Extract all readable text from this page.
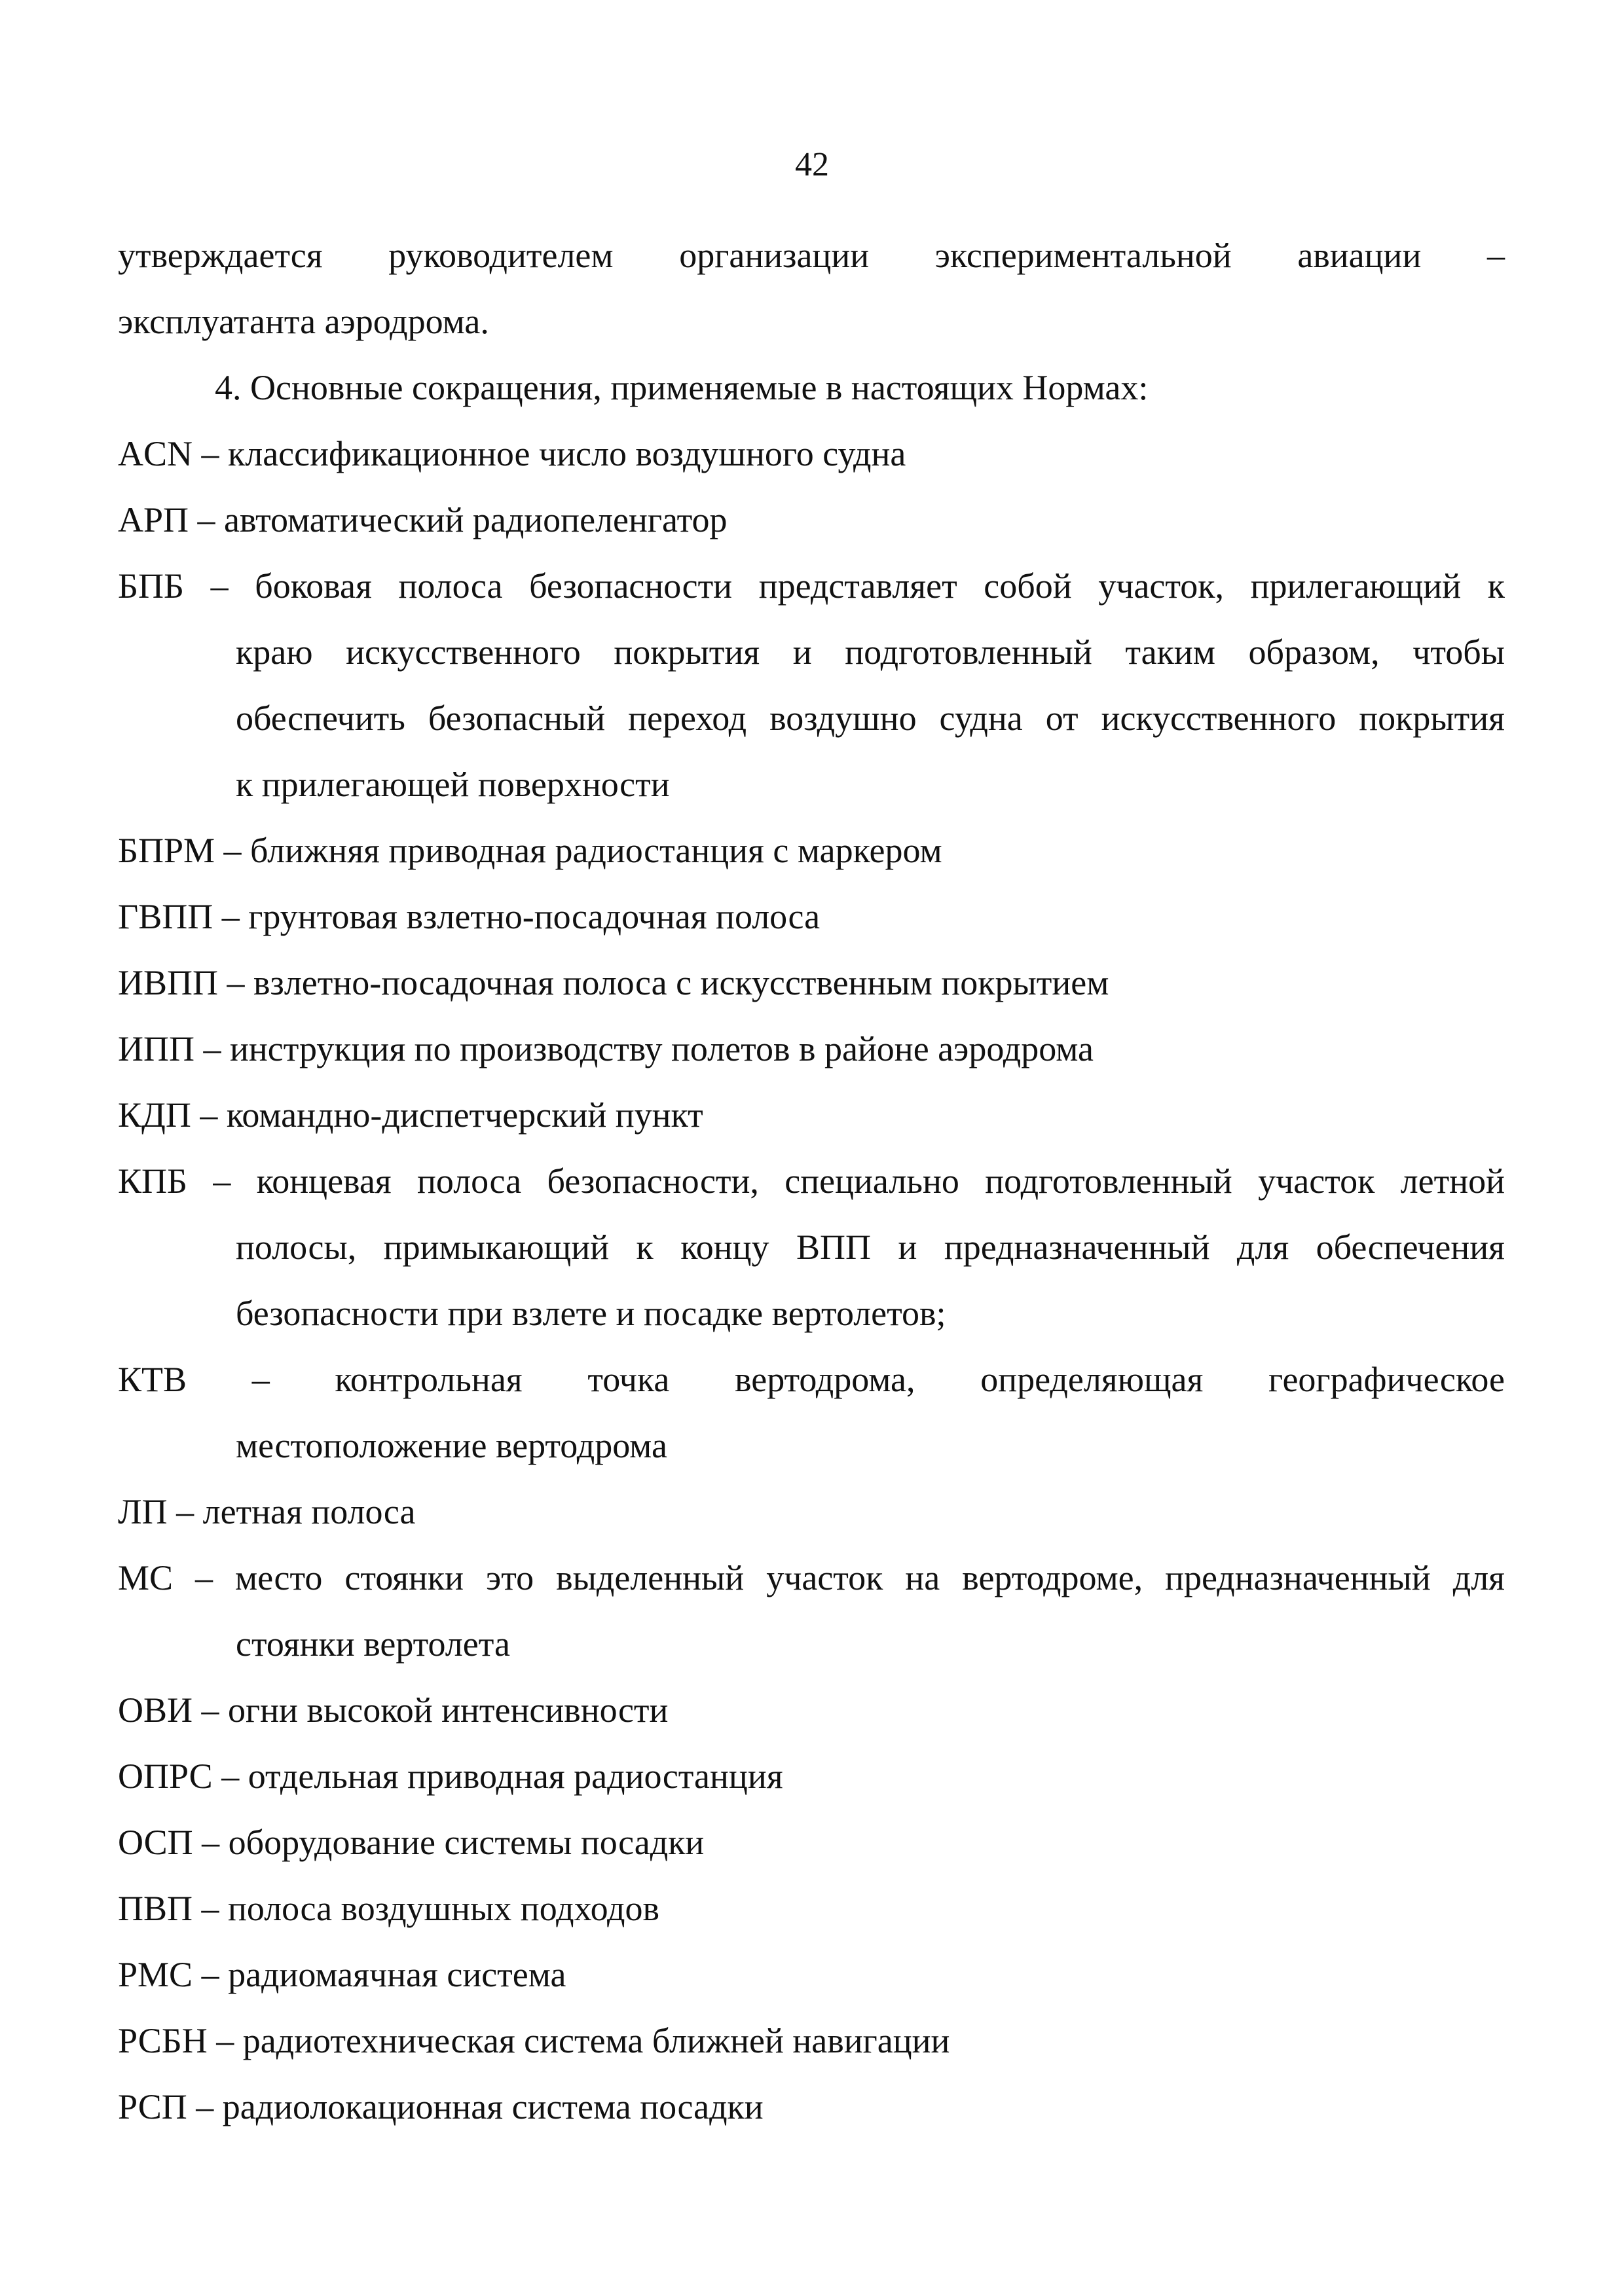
42
утверждается руководителем организации экспериментальной авиации –
эксплуатанта аэродрома.
4. Основные сокращения, применяемые в настоящих Нормах:
ACN – классификационное число воздушного судна
АРП – автоматический радиопеленгатор
БПБ – боковая полоса безопасности представляет собой участок, прилегающий к
краю искусственного покрытия и подготовленный таким образом, чтобы
обеспечить безопасный переход воздушно судна от искусственного покрытия
к прилегающей поверхности
БПРМ – ближняя приводная радиостанция с маркером
ГВПП – грунтовая взлетно-посадочная полоса
ИВПП – взлетно-посадочная полоса с искусственным покрытием
ИПП – инструкция по производству полетов в районе аэродрома
КДП – командно-диспетчерский пункт
КПБ – концевая полоса безопасности, специально подготовленный участок летной
полосы, примыкающий к концу ВПП и предназначенный для обеспечения
безопасности при взлете и посадке вертолетов;
КТВ – контрольная точка вертодрома, определяющая географическое
местоположение вертодрома
ЛП – летная полоса
МС – место стоянки это выделенный участок на вертодроме, предназначенный для
стоянки вертолета
ОВИ – огни высокой интенсивности
ОПРС – отдельная приводная радиостанция
ОСП – оборудование системы посадки
ПВП – полоса воздушных подходов
РМС – радиомаячная система
РСБН – радиотехническая система ближней навигации
РСП – радиолокационная система посадки
